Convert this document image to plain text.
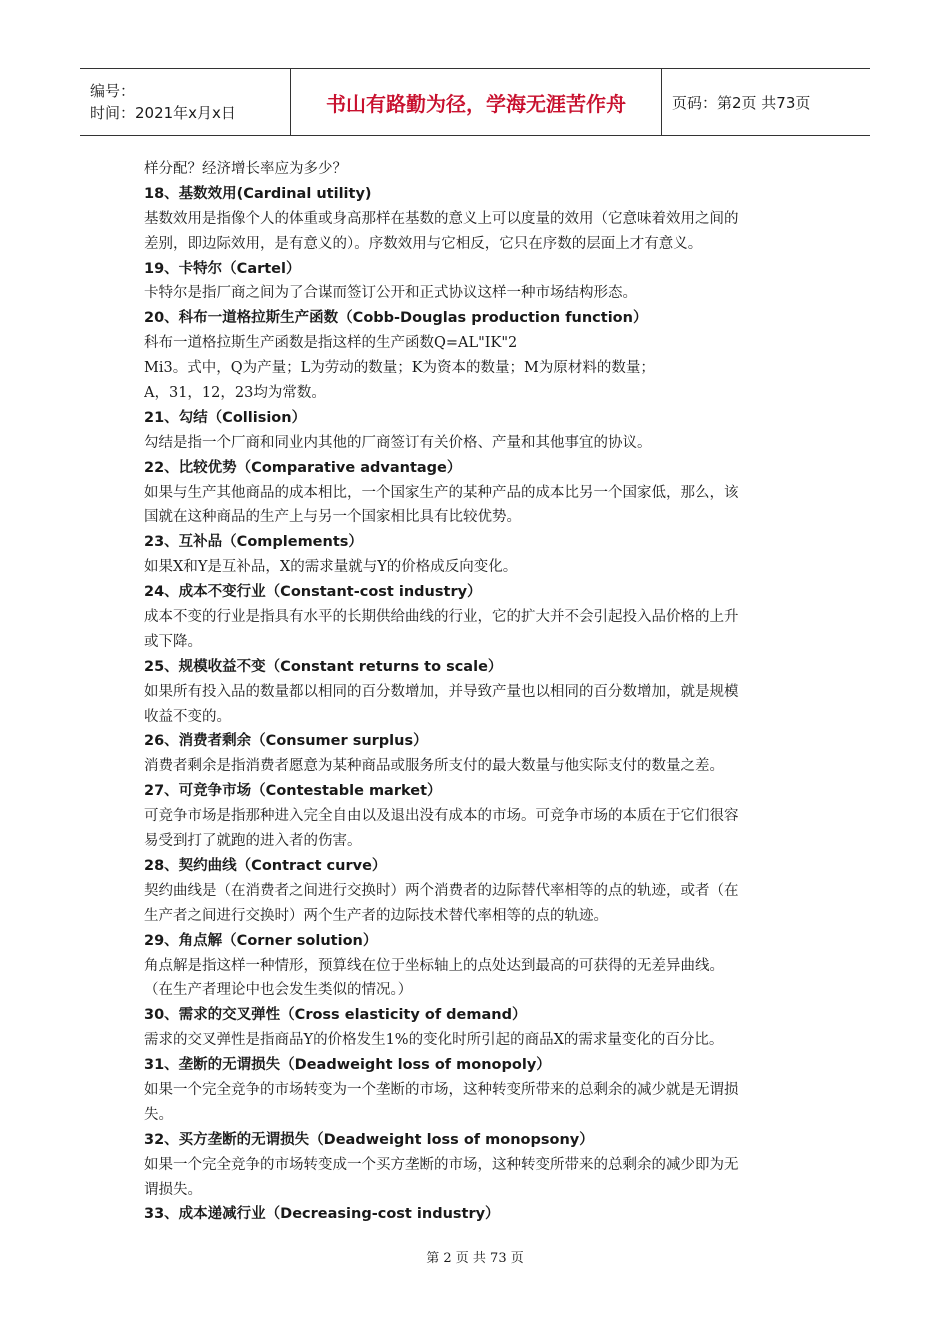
编号：
时间：2021年x月x日	书山有路勤为径，学海无涯苦作舟	页码：第2页 共73页
样分配？经济增长率应为多少？
18、基数效用(Cardinal utility)
基数效用是指像个人的体重或身高那样在基数的意义上可以度量的效用（它意味着效用之间的
差别，即边际效用，是有意义的）。序数效用与它相反，它只在序数的层面上才有意义。
19、卡特尔（Cartel）
卡特尔是指厂商之间为了合谋而签订公开和正式协议这样一种市场结构形态。
20、科布一道格拉斯生产函数（Cobb-Douglas production function）
科布一道格拉斯生产函数是指这样的生产函数Q=AL"IK"2
Mi3。式中，Q为产量；L为劳动的数量；K为资本的数量；M为原材料的数量；
A，31，12，23均为常数。
21、勾结（Collision）
勾结是指一个厂商和同业内其他的厂商签订有关价格、产量和其他事宜的协议。
22、比较优势（Comparative advantage）
如果与生产其他商品的成本相比，一个国家生产的某种产品的成本比另一个国家低，那么，该
国就在这种商品的生产上与另一个国家相比具有比较优势。
23、互补品（Complements）
如果X和Y是互补品，X的需求量就与Y的价格成反向变化。
24、成本不变行业（Constant-cost industry）
成本不变的行业是指具有水平的长期供给曲线的行业，它的扩大并不会引起投入品价格的上升
或下降。
25、规模收益不变（Constant returns to scale）
如果所有投入品的数量都以相同的百分数增加，并导致产量也以相同的百分数增加，就是规模
收益不变的。
26、消费者剩余（Consumer surplus）
消费者剩余是指消费者愿意为某种商品或服务所支付的最大数量与他实际支付的数量之差。
27、可竞争市场（Contestable market）
可竞争市场是指那种进入完全自由以及退出没有成本的市场。可竞争市场的本质在于它们很容
易受到打了就跑的进入者的伤害。
28、契约曲线（Contract curve）
契约曲线是（在消费者之间进行交换时）两个消费者的边际替代率相等的点的轨迹，或者（在
生产者之间进行交换时）两个生产者的边际技术替代率相等的点的轨迹。
29、角点解（Corner solution）
角点解是指这样一种情形，预算线在位于坐标轴上的点处达到最高的可获得的无差异曲线。
（在生产者理论中也会发生类似的情况。）
30、需求的交叉弹性（Cross elasticity of demand）
需求的交叉弹性是指商品Y的价格发生1%的变化时所引起的商品X的需求量变化的百分比。
31、垄断的无谓损失（Deadweight loss of monopoly）
如果一个完全竞争的市场转变为一个垄断的市场，这种转变所带来的总剩余的减少就是无谓损
失。
32、买方垄断的无谓损失（Deadweight loss of monopsony）
如果一个完全竞争的市场转变成一个买方垄断的市场，这种转变所带来的总剩余的减少即为无
谓损失。
33、成本递减行业（Decreasing-cost industry）
第 2 页 共 73 页
